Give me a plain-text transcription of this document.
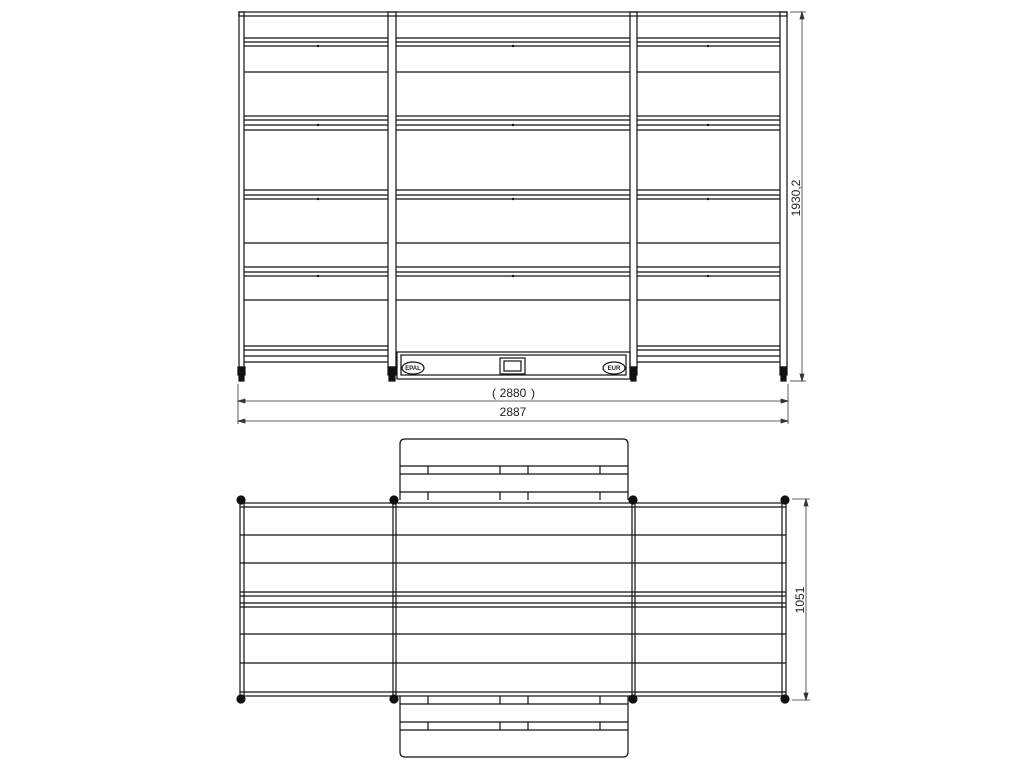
EPAL	EUR
( 2880 )
2887
1930,2
1051
